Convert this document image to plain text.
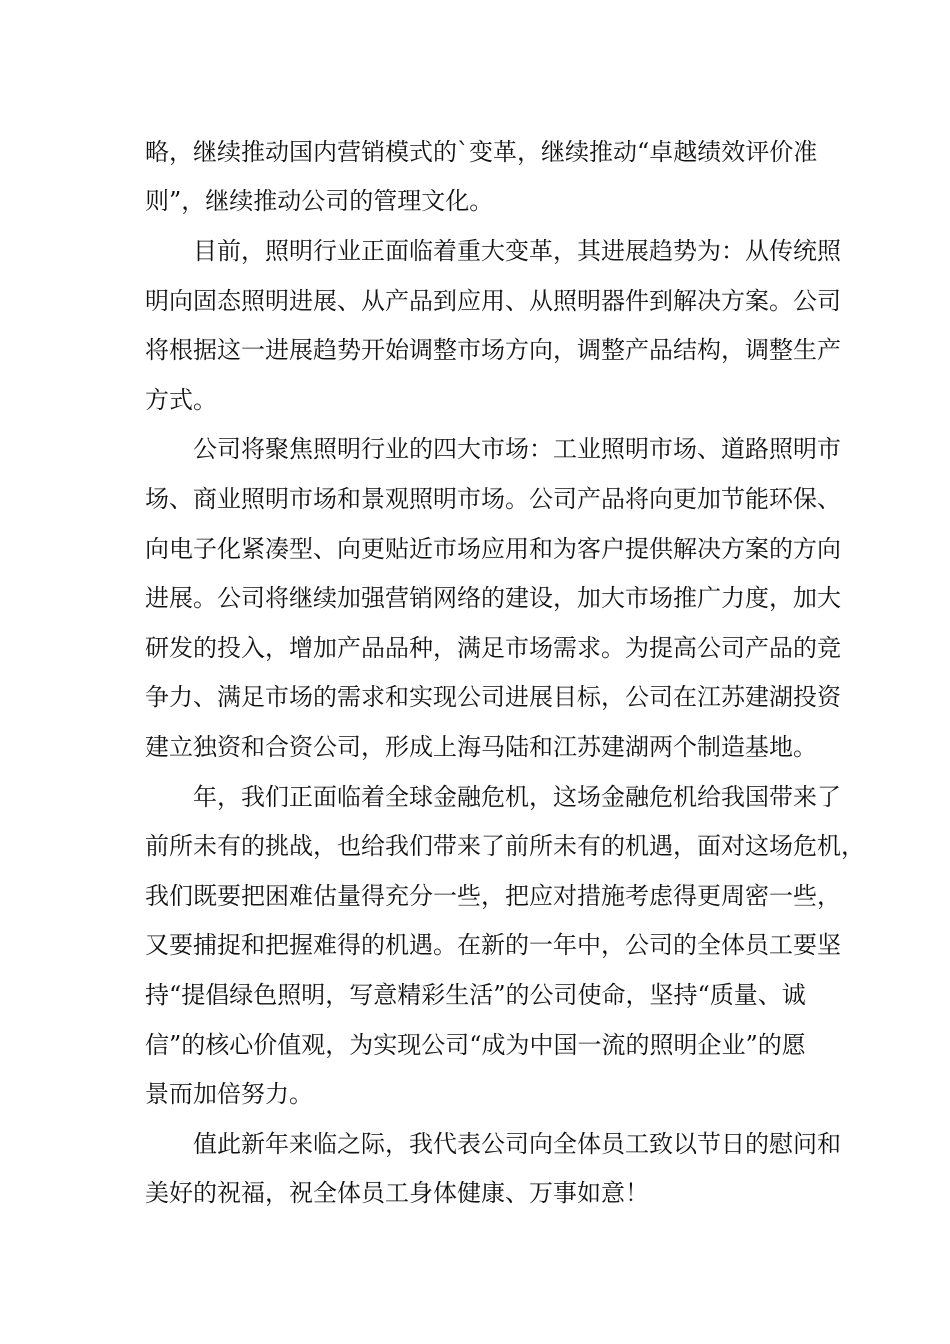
略，继续推动国内营销模式的`变革，继续推动“卓越绩效评价准
则”，继续推动公司的管理文化。
目前，照明行业正面临着重大变革，其进展趋势为：从传统照
明向固态照明进展、从产品到应用、从照明器件到解决方案。公司
将根据这一进展趋势开始调整市场方向，调整产品结构，调整生产
方式。
公司将聚焦照明行业的四大市场：工业照明市场、道路照明市
场、商业照明市场和景观照明市场。公司产品将向更加节能环保、
向电子化紧凑型、向更贴近市场应用和为客户提供解决方案的方向
进展。公司将继续加强营销网络的建设，加大市场推广力度，加大
研发的投入，增加产品品种，满足市场需求。为提高公司产品的竞
争力、满足市场的需求和实现公司进展目标，公司在江苏建湖投资
建立独资和合资公司，形成上海马陆和江苏建湖两个制造基地。
年，我们正面临着全球金融危机，这场金融危机给我国带来了
前所未有的挑战，也给我们带来了前所未有的机遇，面对这场危机，
我们既要把困难估量得充分一些，把应对措施考虑得更周密一些，
又要捕捉和把握难得的机遇。在新的一年中，公司的全体员工要坚
持“提倡绿色照明，写意精彩生活”的公司使命，坚持“质量、诚
信”的核心价值观，为实现公司“成为中国一流的照明企业”的愿
景而加倍努力。
值此新年来临之际，我代表公司向全体员工致以节日的慰问和
美好的祝福，祝全体员工身体健康、万事如意！
